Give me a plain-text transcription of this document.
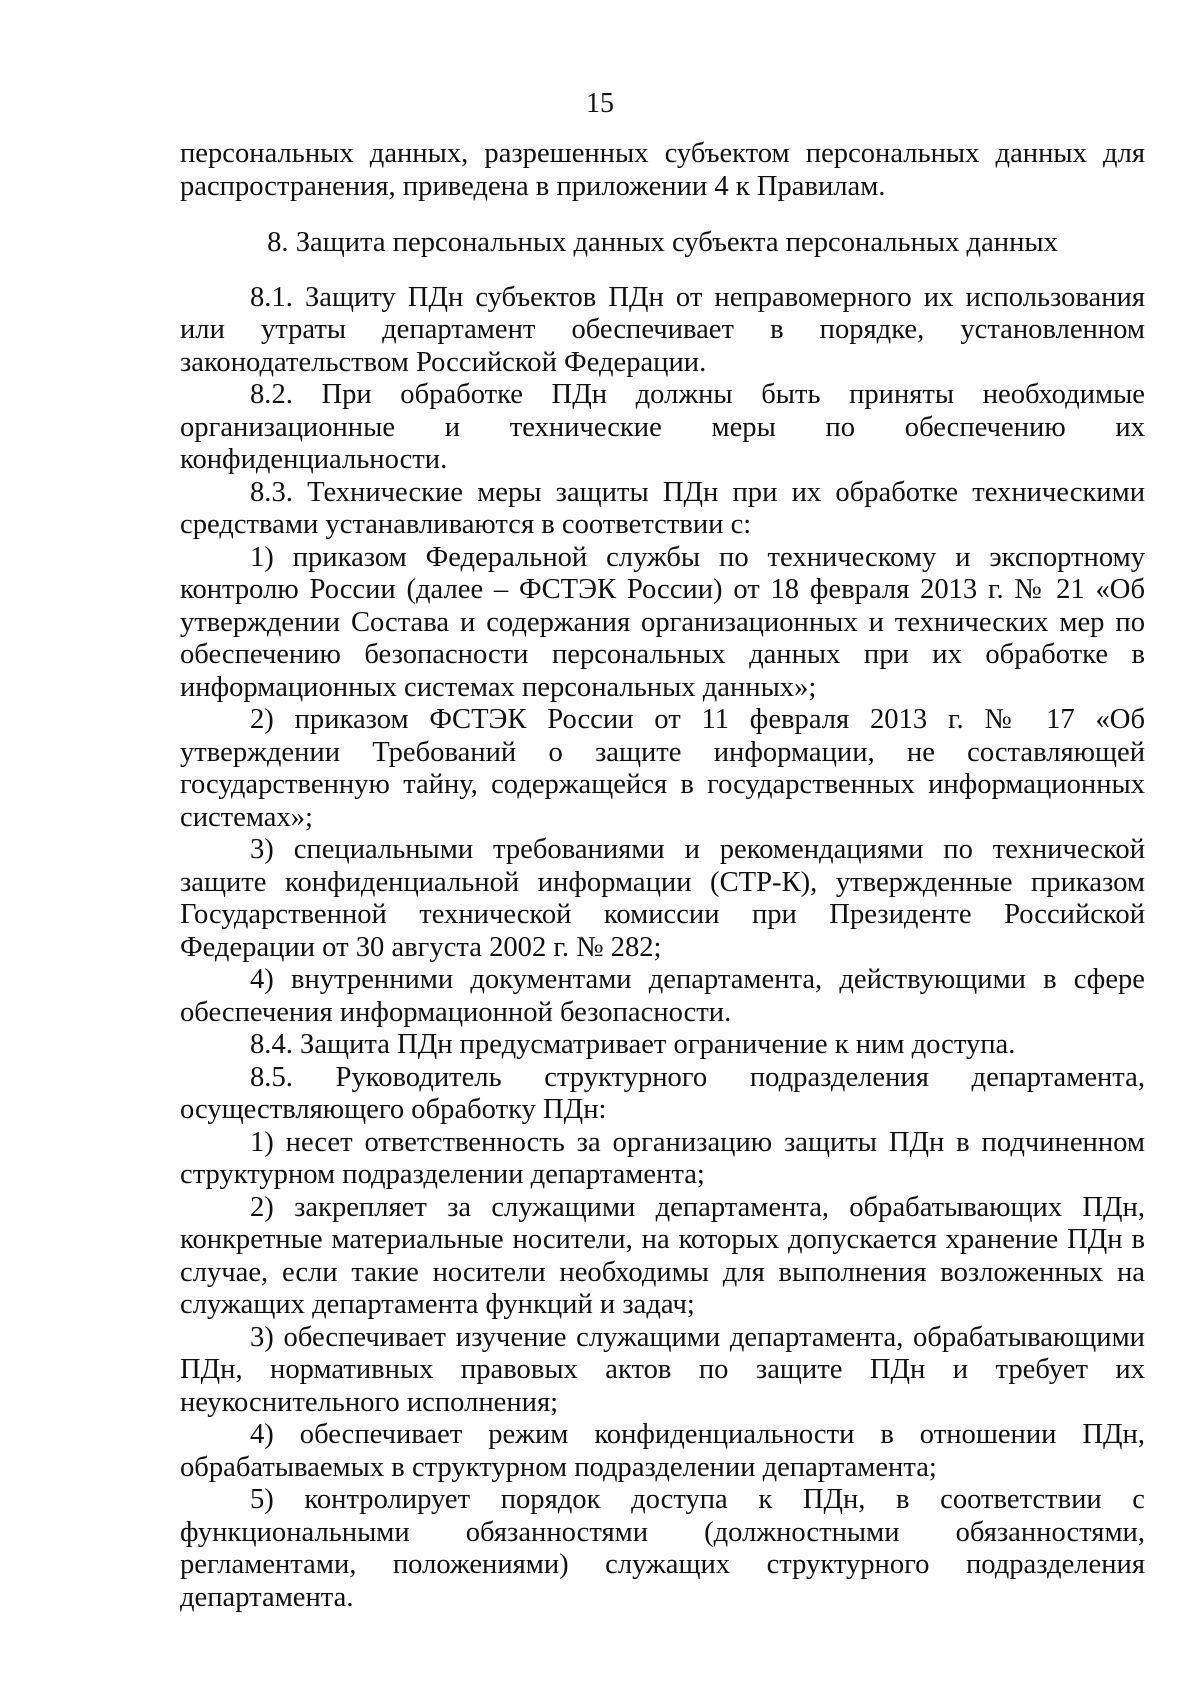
15

персональных данных, разрешенных субъектом персональных данных для распространения, приведена в приложении 4 к Правилам.

8. Защита персональных данных субъекта персональных данных

8.1. Защиту ПДн субъектов ПДн от неправомерного их использования или утраты департамент обеспечивает в порядке, установленном законодательством Российской Федерации.

8.2. При обработке ПДн должны быть приняты необходимые организационные и технические меры по обеспечению их конфиденциальности.

8.3. Технические меры защиты ПДн при их обработке техническими средствами устанавливаются в соответствии с:

1) приказом Федеральной службы по техническому и экспортному контролю России (далее – ФСТЭК России) от 18 февраля 2013 г. № 21 «Об утверждении Состава и содержания организационных и технических мер по обеспечению безопасности персональных данных при их обработке в информационных системах персональных данных»;

2) приказом ФСТЭК России от 11 февраля 2013 г. № 17 «Об утверждении Требований о защите информации, не составляющей государственную тайну, содержащейся в государственных информационных системах»;

3) специальными требованиями и рекомендациями по технической защите конфиденциальной информации (СТР-К), утвержденные приказом Государственной технической комиссии при Президенте Российской Федерации от 30 августа 2002 г. № 282;

4) внутренними документами департамента, действующими в сфере обеспечения информационной безопасности.

8.4. Защита ПДн предусматривает ограничение к ним доступа.

8.5. Руководитель структурного подразделения департамента, осуществляющего обработку ПДн:

1) несет ответственность за организацию защиты ПДн в подчиненном структурном подразделении департамента;

2) закрепляет за служащими департамента, обрабатывающих ПДн, конкретные материальные носители, на которых допускается хранение ПДн в случае, если такие носители необходимы для выполнения возложенных на служащих департамента функций и задач;

3) обеспечивает изучение служащими департамента, обрабатывающими ПДн, нормативных правовых актов по защите ПДн и требует их неукоснительного исполнения;

4) обеспечивает режим конфиденциальности в отношении ПДн, обрабатываемых в структурном подразделении департамента;

5) контролирует порядок доступа к ПДн, в соответствии с функциональными обязанностями (должностными обязанностями, регламентами, положениями) служащих структурного подразделения департамента.
